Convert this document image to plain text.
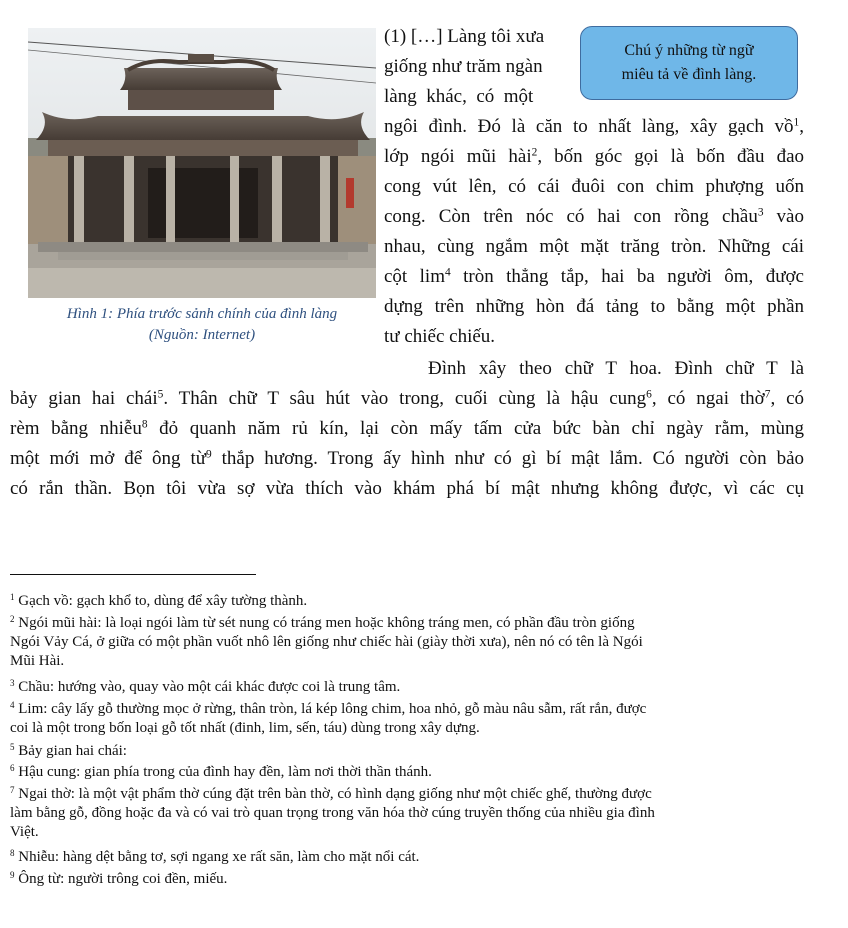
Hình 1: Phía trước sảnh chính của đình làng
(Nguồn: Internet)
Chú ý những từ ngữ
miêu tả về đình làng.
(1) […] Làng tôi xưa
giống như trăm ngàn
làng  khác,  có  một
ngôi đình. Đó là căn to nhất làng, xây gạch vồ$^1$,
lớp ngói mũi hài$^2$, bốn góc gọi là bốn đầu đao
cong vút lên, có cái đuôi con chim phượng uốn
cong. Còn trên nóc có hai con rồng chầu$^3$ vào
nhau, cùng ngắm một mặt trăng tròn. Những cái
cột $\lim^4$ tròn thẳng tắp, hai ba người ôm, được
dựng trên những hòn đá tảng to bằng một phần
tư chiếc chiếu.
Đình xây theo chữ T hoa. Đình chữ T là
bảy gian hai chái$^5$. Thân chữ T sâu hút vào trong, cuối cùng là hậu cung$^6$, có ngai thờ$^7$, có
rèm bằng nhiễu$^8$ đỏ quanh năm rủ kín, lại còn mấy tấm cửa bức bàn chỉ ngày rằm, mùng
một mới mở để ông từ$^9$ thắp hương. Trong ấy hình như có gì bí mật lắm. Có người còn bảo
có rắn thần. Bọn tôi vừa sợ vừa thích vào khám phá bí mật nhưng không được, vì các cụ
$^1$ Gạch vồ: gạch khổ to, dùng để xây tường thành.
$^2$ Ngói mũi hài: là loại ngói làm từ sét nung có tráng men hoặc không tráng men, có phần đầu tròn giống
Ngói Vảy Cá, ở giữa có một phần vuốt nhô lên giống như chiếc hài (giày thời xưa), nên nó có tên là Ngói
Mũi Hài.
$^3$ Chầu: hướng vào, quay vào một cái khác được coi là trung tâm.
$^4$ Lim: cây lấy gỗ thường mọc ở rừng, thân tròn, lá kép lông chim, hoa nhỏ, gỗ màu nâu sẫm, rất rắn, được
coi là một trong bốn loại gỗ tốt nhất (đinh, lim, sến, táu) dùng trong xây dựng.
$^5$ Bảy gian hai chái:
$^6$ Hậu cung: gian phía trong của đình hay đền, làm nơi thời thần thánh.
$^7$ Ngai thờ: là một vật phẩm thờ cúng đặt trên bàn thờ, có hình dạng giống như một chiếc ghế, thường được
làm bằng gỗ, đồng hoặc đa và có vai trò quan trọng trong văn hóa thờ cúng truyền thống của nhiều gia đình
Việt.
$^8$ Nhiễu: hàng dệt bằng tơ, sợi ngang xe rất săn, làm cho mặt nổi cát.
$^9$ Ông từ: người trông coi đền, miếu.
